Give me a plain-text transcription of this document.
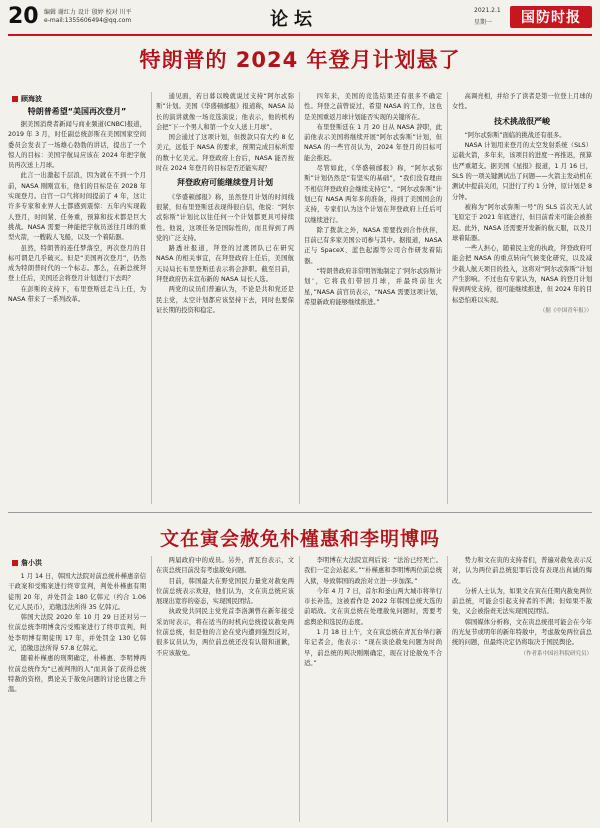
20 编辑 谢红力 设计 殷婷 校对 川平
e-mail:1355606494@qq.com	论坛	2021.2.1
星期一	国防时报
特朗普的 2024 年登月计划悬了
顾海波
特朗普希望“美国再次登月”

据美国消费者新闻与商业频道(CNBC)报道，2019 年 3 月，时任副总统彭斯在美国国家空间委员会发表了一场雄心勃勃的讲话，提出了一个惊人的目标：美国宇航局应该在 2024 年把宇航员再次送上月球。

此言一出激起千层浪，因为就在不到一个月前，NASA 刚刚宣布，他们的目标是在 2028 年实现登月。白宫一口气将时间提前了 4 年，这让许多专家和业界人士都感到震惊：五年内实现载人登月，时间紧、任务重，预算和技术都是巨大挑战。NASA 需要一种能把宇航员送往月球的重型火箭，一艘载人飞船，以及一个着陆器。

虽然，特朗普的连任梦落空，再次登月的目标可谓是几乎破灭。但是“美国再次登月”，仍然成为特朗普时代的一个标志。那么，在新总统拜登上任后，美国还会将登月计划进行下去吗？

在彭斯的支持下，布里登斯廷走马上任，为 NASA 带来了一系列改革。

通见面，若日暮以晚就说过支持“阿尔忒弥斯”计划。美国《华盛顿邮报》报道称，NASA 局长的演讲就像一场竞选演说；他表示，他的机构会把“下一个男人和第一个女人送上月球”。

国会通过了这项计划，但拨款只有大约 8 亿美元，远低于 NASA 的要求，预期完成目标所需的数十亿美元。拜登政府上台后，NASA 能否按时在 2024 年登月的目标是否还能实现？

拜登政府可能继续登月计划

《华盛顿邮报》称，虽然登月计划的时间线很紧，但布里登斯廷表现得很自信，他说：“阿尔忒弥斯”计划比以往任何一个计划都更具可持续性。他说，这项任务是国际性的，而且得到了两党的广泛支持。

路透社报道，拜登的过渡团队已在研究 NASA 的相关事宜，在拜登政府上任后，美国航天局局长布里登斯廷表示将会辞职。截至目前，拜登政府仍未宣布新的 NASA 局长人选。

两党的议员们普遍认为，不论是共和党还是民主党，太空计划都应该坚持下去，同时也要保证长期的投资和稳定。

四年来，美国的竞选结果还有很多不确定性。拜登之前曾说过，希望 NASA 的工作，这也是美国重返月球计划能否实现的关键所在。

布里登斯廷在 1 月 20 日从 NASA 辞职，此前他表示美国将继续开展“阿尔忒弥斯”计划，但 NASA 的一些官员认为，2024 年登月的目标可能会推迟。

尽管如此，《华盛顿邮报》称，“阿尔忒弥斯”计划仍然是“有坚实的基础”，“我们没有理由不相信拜登政府会继续支持它”。“阿尔忒弥斯”计划已有 NASA 两年多的准备，得到了美国国会的支持，专家们认为这个计划在拜登政府上任后可以继续进行。

除了拨款之外，NASA 需要找到合作伙伴，目前已有多家美国公司参与其中。据报道，NASA 正与 SpaceX、蓝色起源等公司合作研发着陆器。

“特朗普政府非常明智地制定了‘阿尔忒弥斯计划’，它将我们带回月球，并最终前往火星，”NASA 前官员表示，“NASA 需要这项计划，希望新政府能够继续推进。”

高调亮相，并给予了读者是第一位登上月球的女性。

技术挑战很严峻

“阿尔忒弥斯”面临的挑战还有很多。

NASA 计划用来登月的太空发射系统（SLS）运载火箭，多年来，该项目的进度一再推迟，预算也严重超支。据美国《星报》报道，1 月 16 日，SLS 的一项关键测试出了问题——火箭主发动机在测试中提前关闭，只进行了约 1 分钟，原计划是 8 分钟。

被称为“阿尔忒弥斯一号”的 SLS 首次无人试飞原定于 2021 年底进行，但目前看来可能会被推迟。此外，NASA 还需要开发新的航天服，以及月球着陆器。

一些人担心，随着民主党的执政，拜登政府可能会把 NASA 的重点转向气候变化研究，以及减少载人航天项目的投入，这将对“阿尔忒弥斯”计划产生影响。不过也有专家认为，NASA 的登月计划得到两党支持，很可能继续推进，但 2024 年的目标恐怕难以实现。

（据《中国青年报》）

文在寅会赦免朴槿惠和李明博吗
詹小洪

1 月 14 日，韩国大法院对前总统朴槿惠亲信干政案和受贿案进行终审宣判，判处朴槿惠有期徒刑 20 年，并处罚金 180 亿韩元（约合 1.06 亿元人民币），追缴违法所得 35 亿韩元。

韩国大法院 2020 年 10 月 29 日还对另一位前总统李明博贪污受贿案进行了终审宣判，判处李明博有期徒刑 17 年，并处罚金 130 亿韩元，追缴违法所得 57.8 亿韩元。

随着朴槿惠的刑期确定，朴槿惠、李明博两位前总统作为“已被判刑的人”而具备了获得总统特赦的资格，舆论关于赦免问题的讨论也随之升温。

两届政府中的成员。另外，青瓦台表示，文在寅总统目前没有考虑赦免问题。

目前，韩国最大在野党国民力量党对赦免两位前总统表示欢迎，他们认为，文在寅总统应该展现出宽容的姿态，实现国民团结。

执政党共同民主党党首李洛渊曾在新年接受采访时表示，将在适当的时机向总统提议赦免两位前总统，但是他的言论在党内遭到强烈反对，很多议员认为，两位前总统还没有认错和道歉，不应该赦免。

李明博在大法院宣判后说：“法治已经死亡。我们一定会站起来。”“朴槿惠和李明博两位前总统入狱，导致韩国的政治对立进一步加深。”

今年 4 月 7 日，首尔和釜山两大城市将举行市长补选，这被看作是 2022 年韩国总统大选的前哨战。文在寅总统在处理赦免问题时，需要考虑舆论和选民的态度。

1 月 18 日上午，文在寅总统在青瓦台举行新年记者会，他表示：“现在谈论赦免问题为时尚早，前总统的判决刚刚确定，现在讨论赦免不合适。”

势力和文在寅的支持者们，普遍对赦免表示反对，认为两位前总统犯罪后没有表现出真诚的悔改。

分析人士认为，如果文在寅在任期内赦免两位前总统，可能会引起支持者的不满；但如果不赦免，又会被指责无法实现国民团结。

韩国媒体分析称，文在寅总统很可能会在今年的光复节或明年的新年特赦中，考虑赦免两位前总统的问题，但最终决定仍将取决于国民舆论。

（作者系中国社科院研究员）
